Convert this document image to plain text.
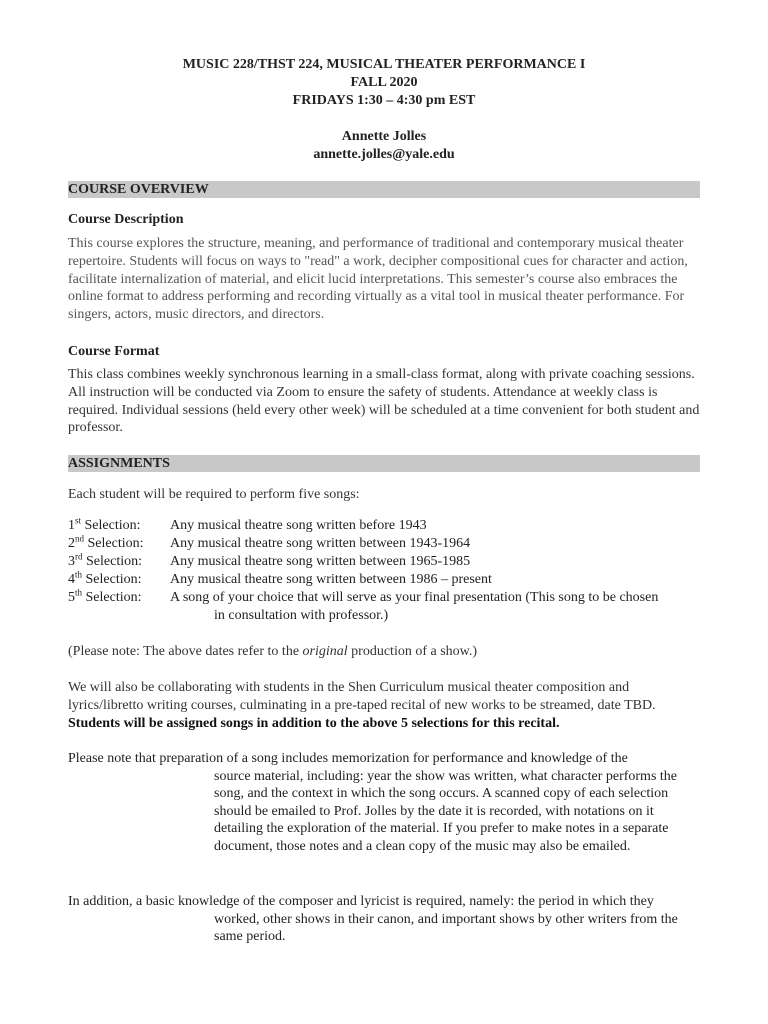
MUSIC 228/THST 224, MUSICAL THEATER PERFORMANCE I
FALL 2020
FRIDAYS 1:30 – 4:30 pm EST
Annette Jolles
annette.jolles@yale.edu
COURSE OVERVIEW
Course Description
This course explores the structure, meaning, and performance of traditional and contemporary musical theater repertoire. Students will focus on ways to "read" a work, decipher compositional cues for character and action, facilitate internalization of material, and elicit lucid interpretations. This semester’s course also embraces the online format to address performing and recording virtually as a vital tool in musical theater performance. For singers, actors, music directors, and directors.
Course Format
This class combines weekly synchronous learning in a small-class format, along with private coaching sessions. All instruction will be conducted via Zoom to ensure the safety of students. Attendance at weekly class is required. Individual sessions (held every other week) will be scheduled at a time convenient for both student and professor.
ASSIGNMENTS
Each student will be required to perform five songs:
1st Selection:	Any musical theatre song written before 1943
2nd Selection:	Any musical theatre song written between 1943-1964
3rd Selection:	Any musical theatre song written between 1965-1985
4th Selection:	Any musical theatre song written between 1986 – present
5th Selection:	A song of your choice that will serve as your final presentation (This song to be chosen
in consultation with professor.)
(Please note: The above dates refer to the original production of a show.)
We will also be collaborating with students in the Shen Curriculum musical theater composition and lyrics/libretto writing courses, culminating in a pre-taped recital of new works to be streamed, date TBD.
Students will be assigned songs in addition to the above 5 selections for this recital.
Please note that preparation of a song includes memorization for performance and knowledge of the
source material, including: year the show was written, what character performs the song, and the context in which the song occurs. A scanned copy of each selection should be emailed to Prof. Jolles by the date it is recorded, with notations on it detailing the exploration of the material. If you prefer to make notes in a separate document, those notes and a clean copy of the music may also be emailed.
In addition, a basic knowledge of the composer and lyricist is required, namely: the period in which they
worked, other shows in their canon, and important shows by other writers from the same period.
